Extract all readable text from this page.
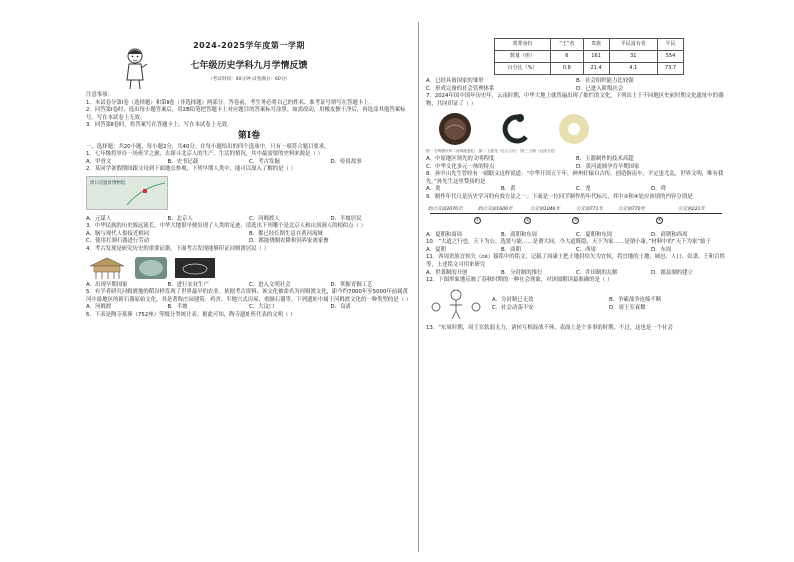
2024-2025学年度第一学期
七年级历史学科九月学情反馈
（考试时间：40分钟 试卷满分：60分）
注意事项：
1．本试卷分第Ⅰ卷（选择题）和第Ⅱ卷（非选择题）两部分。答卷前，考生务必将自己的姓名、准考证号填写在答题卡上。
2．回答第Ⅰ卷时，选出每小题答案后，用2B铅笔把答题卡上对应题目的答案标号涂黑。如需改动，用橡皮擦干净后，再选涂其他答案标号。写在本试卷上无效。
3．回答第Ⅱ卷时，将答案写在答题卡上。写在本试卷上无效。
第Ⅰ卷
一、选择题：共20小题，每小题2分，共40分。在每小题给出的四个选项中，只有一项符合题目要求。
1．七年级将举办一场班学之旅，去探寻北京人的生产、生活的情况，其中最需要的史料来源是（ ）
A．甲骨文	B．史书记载	C．考古发掘	D．传说故事
2．某同学暑假期间跟父母到下面地点参观，下列早期人类中，能可以深入了解的是（ ）
周口店遗址博物馆
A．元谋人	B．北京人	C．河姆渡人	D．半坡居民
3．中华民族的历史源远流长，中华大地很早便出现了人类的足迹。请选出下列哪个是北京人和山顶洞人的相似点（ ）
A．脑与现代人很接近相同	B．都已经长期生息在黄河流域
C．使用打制石器进行劳动	D．都能烧制农耕和饲养家禽家畜
4．考古发现是研究历史的重要证据。下面考古发现能够印证河姆渡居民（ ）
A．出现早期国家	B．进行农业生产	C．进入文明社会	D．掌握青铜工艺
5．有学者研究河姆渡地的稻谷样发现了世界最早的农业。依据考古资料，该文化被命名为河姆渡文化，距今约7000年至5000年前属黄河中游地区的新石器原始文化。其是著称庄园建筑：鸡舍、半地穴式房屋、重制石器等。下列遗址中属于河姆渡文化的一种类型的是（ ）
A．河姆渡	B．半坡	C．大汶口	D．良渚
6．下表是陶寺墓葬（752座）等级分类统计表。据此可知，陶寺遗址所代表的文明（ ）
墓葬身份	“王”者	贵族	平民富有者	平民
数量（座）	6	161	31	554
百分比（%）	0.8	21.4	4.1	73.7
A．已经具备国家的雏形	B．社会组织能力比较强
C．形成完备的社会管理体系	D．已进入阶级社会
7．2024年国中国年历史年，云南时期，中华大地上就普遍出现了灿烂的文化，下列出土于不同地区史前时期文化遗址中的器物，共同印证了（ ）
图一 红陶猪纹钵（河姆渡遗址） 图二 玉猪龙（红山文化） 图三 玉璧（良渚文化）
A．中原地区领先的文明程度	B．玉器制作的技术高超
C．中华文化多元一体的特点	D．黄河流域孕育早期国家
8．孙中山先生曾经有一副联文这样说道：“中华开国五千年，神州轩辕自古传，创造指南车，平定蚩尤乱，世界文明，唯有我先。”孙先生这里赞扬的是
A．炎	B．黄	C．尧	D．舜
9．制作年代尺是历史学习的有效方法之一。下面是一位同学制作的年代标尺，其中①和④处应该填的内容分别是
约公元前2070年	约公元前1600年	公元前1046年	公元前771年	公元前770年	公元前221年
①	②	③	④
A．夏朝和商周	B．商朝和东周	C．夏朝和东周	D．商朝和西周
10．“大道之行也，天下为公，选贤与能……是谓大同。今大道既隐，天下为家……是谓小康。”材料中的“天下为家”始于
A．夏朝	B．商朝	C．西周	D．东周
11．西周贵族宜侯矢（cè）簋铭中的铭文，记载了周康王把土地封给矢为宜侯，将宜地的土地、城邑、人口、奴隶、王和百姓等，上述铭文可用来研究
A．世袭制的开创	B．分封制的推行	C．井田制的瓦解	D．郡县制的建立
12．下图形象地反映了春秋时期的一种社会现象，对该图解读最准确的是（ ）
A．分封制已无效	B．争霸战争连绵不断
C．社会动荡不安	D．周王室衰微
13．“东周时期，周王室软弱无力，诸侯互相混战不休，表面上是个多事的时期，不过，这也是一个社会
